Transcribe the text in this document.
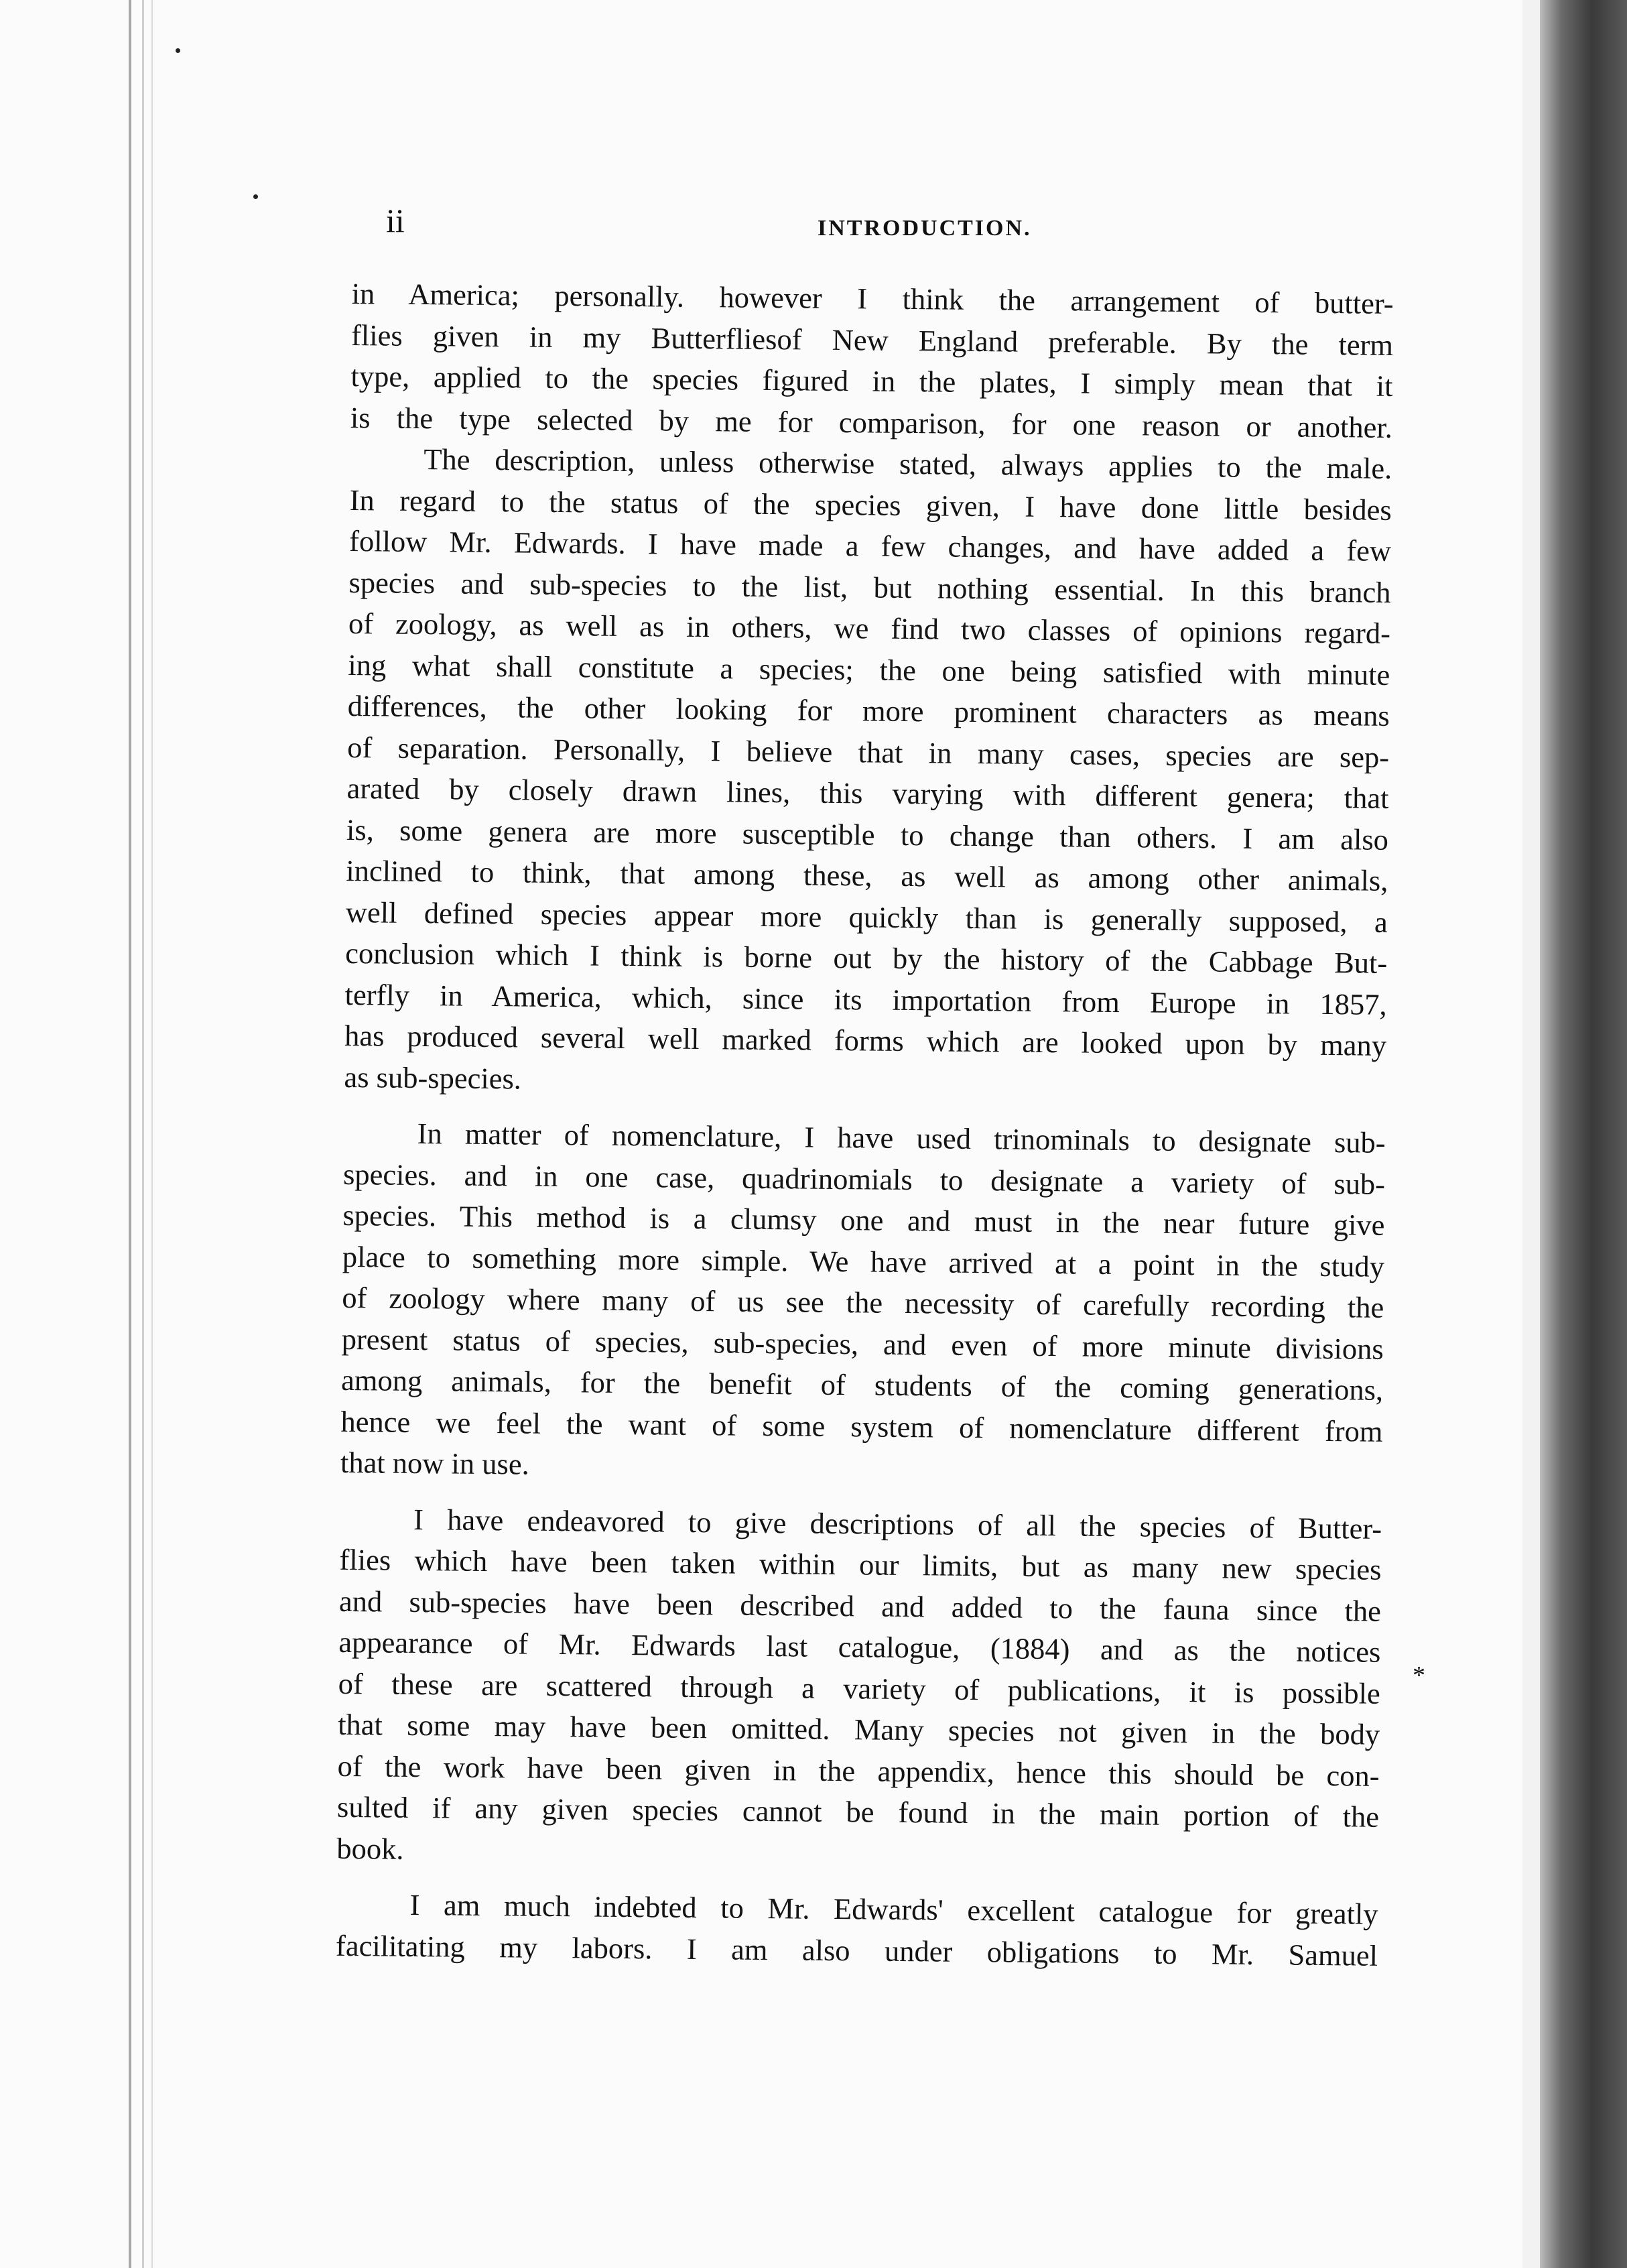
ii	INTRODUCTION.
*

in America; personally. however I think the arrangement of butter-
flies given in my Butterfliesof New England preferable. By the term
type, applied to the species figured in the plates, I simply mean that it
is the type selected by me for comparison, for one reason or another.

The description, unless otherwise stated, always applies to the male.
In regard to the status of the species given, I have done little besides
follow Mr. Edwards. I have made a few changes, and have added a few
species and sub-species to the list, but nothing essential. In this branch
of zoology, as well as in others, we find two classes of opinions regard-
ing what shall constitute a species; the one being satisfied with minute
differences, the other looking for more prominent characters as means
of separation. Personally, I believe that in many cases, species are sep-
arated by closely drawn lines, this varying with different genera; that
is, some genera are more susceptible to change than others. I am also
inclined to think, that among these, as well as among other animals,
well defined species appear more quickly than is generally supposed, a
conclusion which I think is borne out by the history of the Cabbage But-
terfly in America, which, since its importation from Europe in 1857,
has produced several well marked forms which are looked upon by many
as sub-species.

In matter of nomenclature, I have used trinominals to designate sub-
species. and in one case, quadrinomials to designate a variety of sub-
species. This method is a clumsy one and must in the near future give
place to something more simple. We have arrived at a point in the study
of zoology where many of us see the necessity of carefully recording the
present status of species, sub-species, and even of more minute divisions
among animals, for the benefit of students of the coming generations,
hence we feel the want of some system of nomenclature different from
that now in use.

I have endeavored to give descriptions of all the species of Butter-
flies which have been taken within our limits, but as many new species
and sub-species have been described and added to the fauna since the
appearance of Mr. Edwards last catalogue, (1884) and as the notices
of these are scattered through a variety of publications, it is possible
that some may have been omitted. Many species not given in the body
of the work have been given in the appendix, hence this should be con-
sulted if any given species cannot be found in the main portion of the
book.

I am much indebted to Mr. Edwards' excellent catalogue for greatly
facilitating my labors. I am also under obligations to Mr. Samuel
